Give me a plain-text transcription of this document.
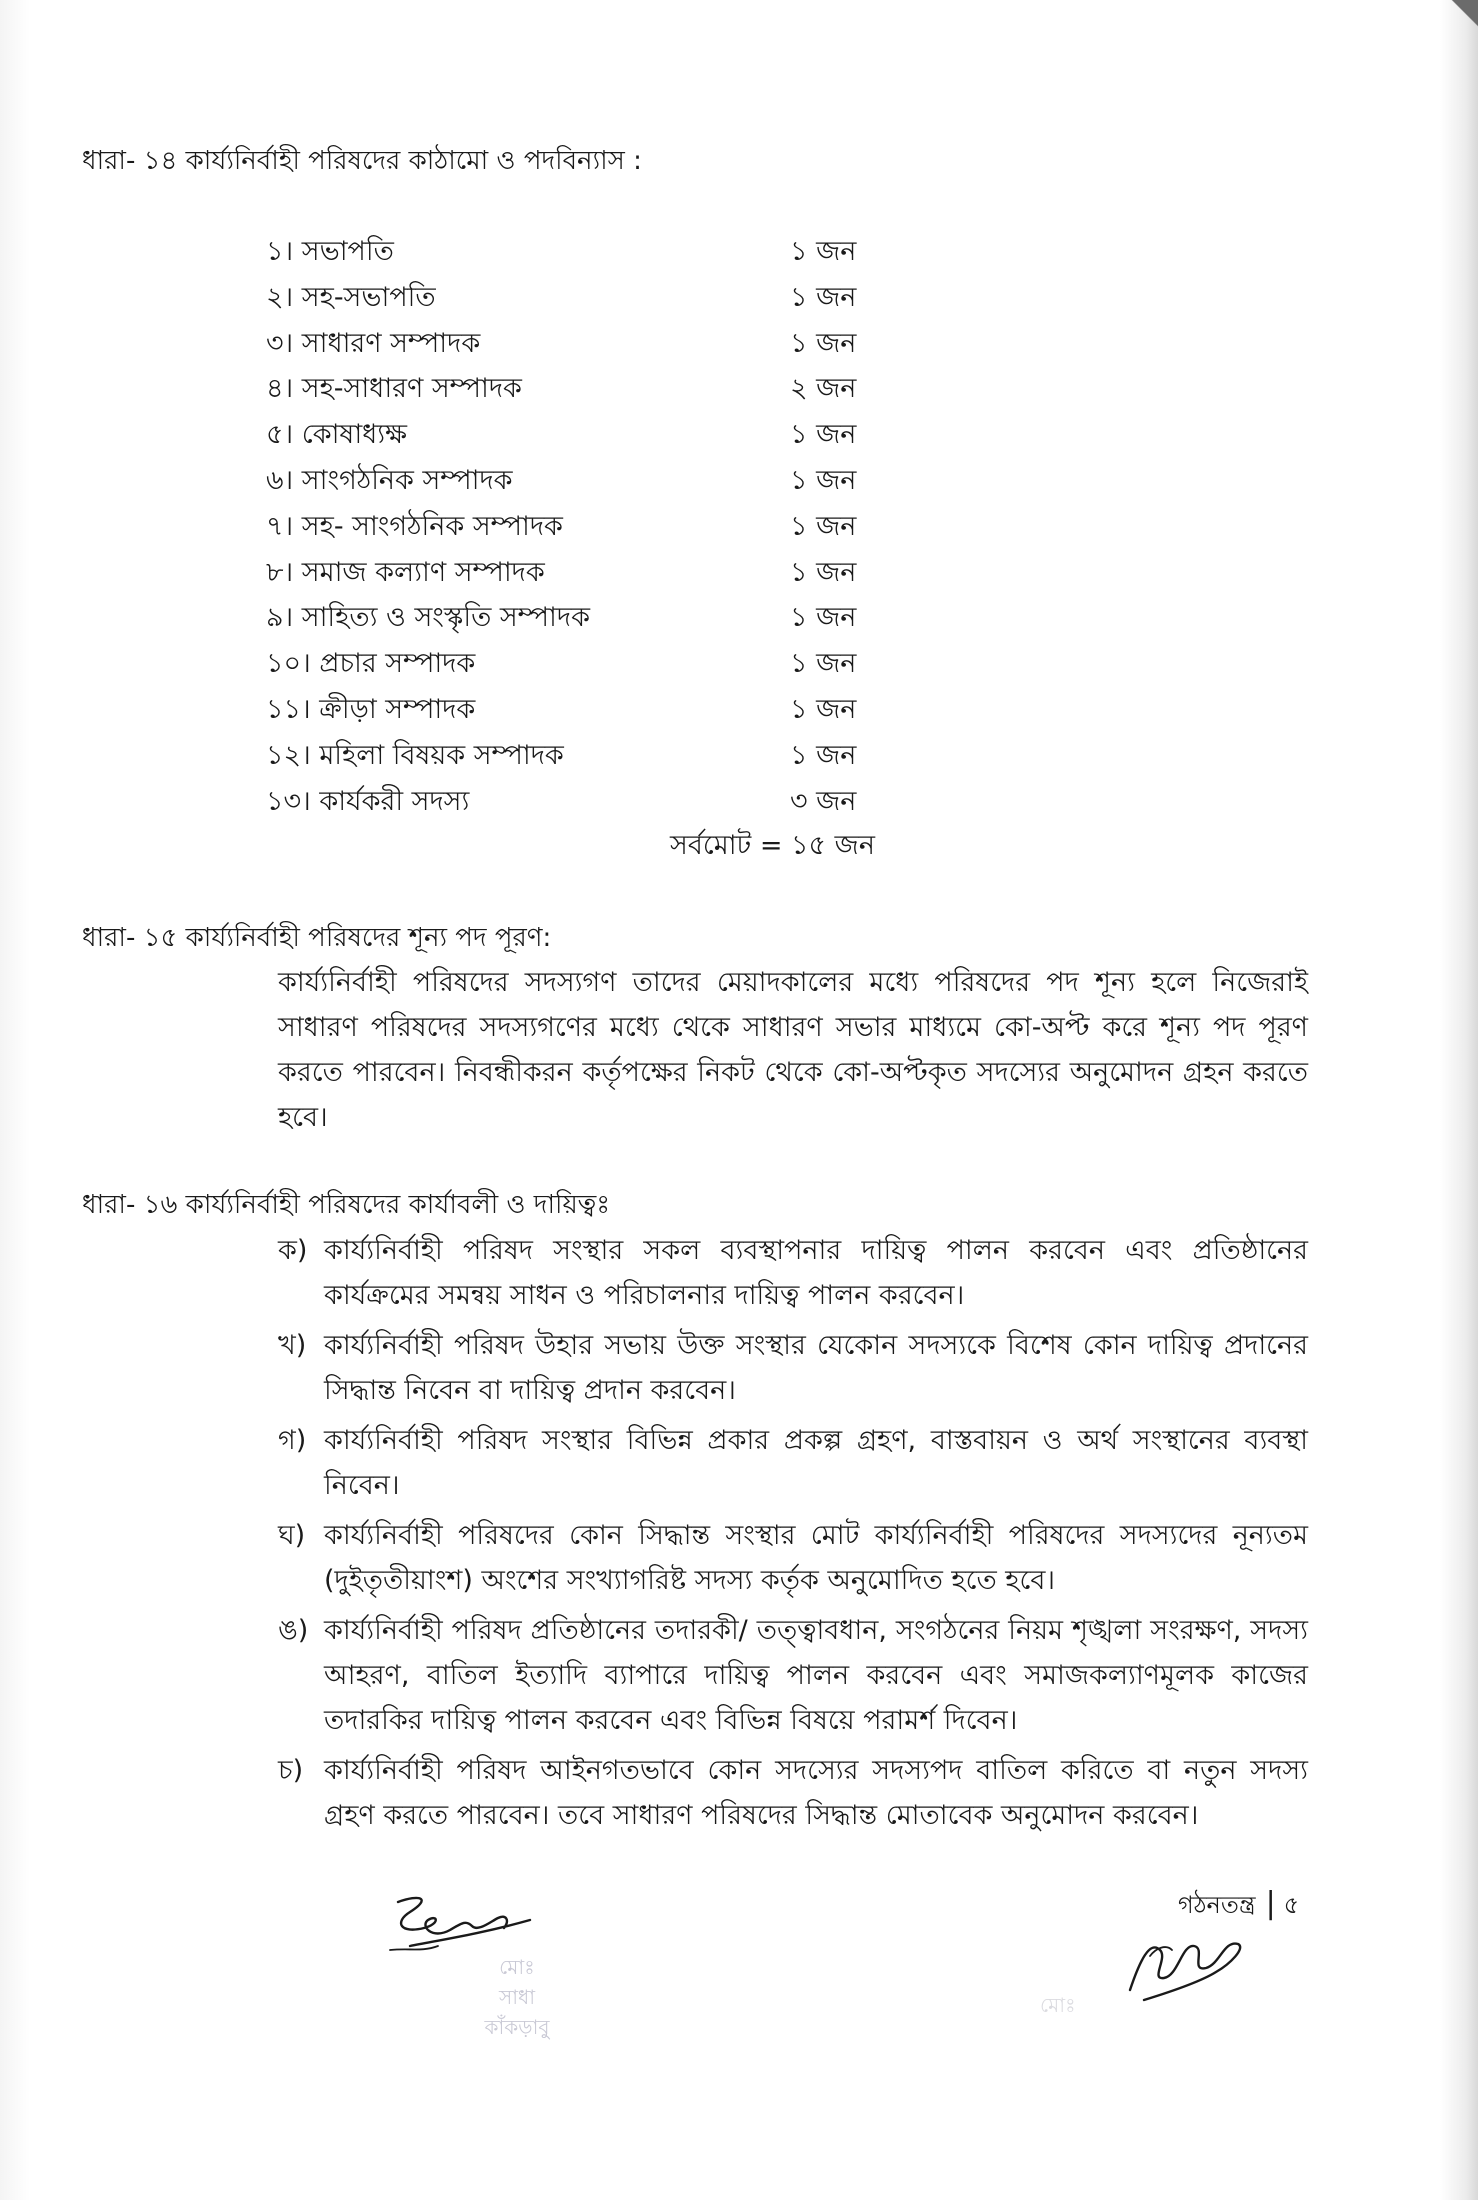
ধারা- ১৪ কার্য্যনির্বাহী পরিষদের কাঠামো ও পদবিন্যাস :
১। সভাপতি	১ জন
২। সহ-সভাপতি	১ জন
৩। সাধারণ সম্পাদক	১ জন
৪। সহ-সাধারণ সম্পাদক	২ জন
৫। কোষাধ্যক্ষ	১ জন
৬। সাংগঠনিক সম্পাদক	১ জন
৭। সহ- সাংগঠনিক সম্পাদক	১ জন
৮। সমাজ কল্যাণ সম্পাদক	১ জন
৯। সাহিত্য ও সংস্কৃতি সম্পাদক	১ জন
১০। প্রচার সম্পাদক	১ জন
১১। ক্রীড়া সম্পাদক	১ জন
১২। মহিলা বিষয়ক সম্পাদক	১ জন
১৩। কার্যকরী সদস্য	৩ জন
সর্বমোট = ১৫ জন
ধারা- ১৫ কার্য্যনির্বাহী পরিষদের শূন্য পদ পূরণ:
কার্য্যনির্বাহী পরিষদের সদস্যগণ তাদের মেয়াদকালের মধ্যে পরিষদের পদ শূন্য হলে নিজেরাই সাধারণ পরিষদের সদস্যগণের মধ্যে থেকে সাধারণ সভার মাধ্যমে কো-অপ্ট করে শূন্য পদ পূরণ করতে পারবেন। নিবন্ধীকরন কর্তৃপক্ষের নিকট থেকে কো-অপ্টকৃত সদস্যের অনুমোদন গ্রহন করতে হবে।
ধারা- ১৬ কার্য্যনির্বাহী পরিষদের কার্যাবলী ও দায়িত্বঃ
ক) কার্য্যনির্বাহী পরিষদ সংস্থার সকল ব্যবস্থাপনার দায়িত্ব পালন করবেন এবং প্রতিষ্ঠানের কার্যক্রমের সমন্বয় সাধন ও পরিচালনার দায়িত্ব পালন করবেন।
খ) কার্য্যনির্বাহী পরিষদ উহার সভায় উক্ত সংস্থার যেকোন সদস্যকে বিশেষ কোন দায়িত্ব প্রদানের সিদ্ধান্ত নিবেন বা দায়িত্ব প্রদান করবেন।
গ) কার্য্যনির্বাহী পরিষদ সংস্থার বিভিন্ন প্রকার প্রকল্প গ্রহণ, বাস্তবায়ন ও অর্থ সংস্থানের ব্যবস্থা নিবেন।
ঘ) কার্য্যনির্বাহী পরিষদের কোন সিদ্ধান্ত সংস্থার মোট কার্য্যনির্বাহী পরিষদের সদস্যদের নূন্যতম (দুইতৃতীয়াংশ) অংশের সংখ্যাগরিষ্ট সদস্য কর্তৃক অনুমোদিত হতে হবে।
ঙ) কার্য্যনির্বাহী পরিষদ প্রতিষ্ঠানের তদারকী/ তত্ত্বাবধান, সংগঠনের নিয়ম শৃঙ্খলা সংরক্ষণ, সদস্য আহরণ, বাতিল ইত্যাদি ব্যাপারে দায়িত্ব পালন করবেন এবং সমাজকল্যাণমূলক কাজের তদারকির দায়িত্ব পালন করবেন এবং বিভিন্ন বিষয়ে পরামর্শ দিবেন।
চ) কার্য্যনির্বাহী পরিষদ আইনগতভাবে কোন সদস্যের সদস্যপদ বাতিল করিতে বা নতুন সদস্য গ্রহণ করতে পারবেন। তবে সাধারণ পরিষদের সিদ্ধান্ত মোতাবেক অনুমোদন করবেন।
গঠনতন্ত্র | ৫
মোঃ
সাধা
কাঁকড়াবুু
মোঃ
